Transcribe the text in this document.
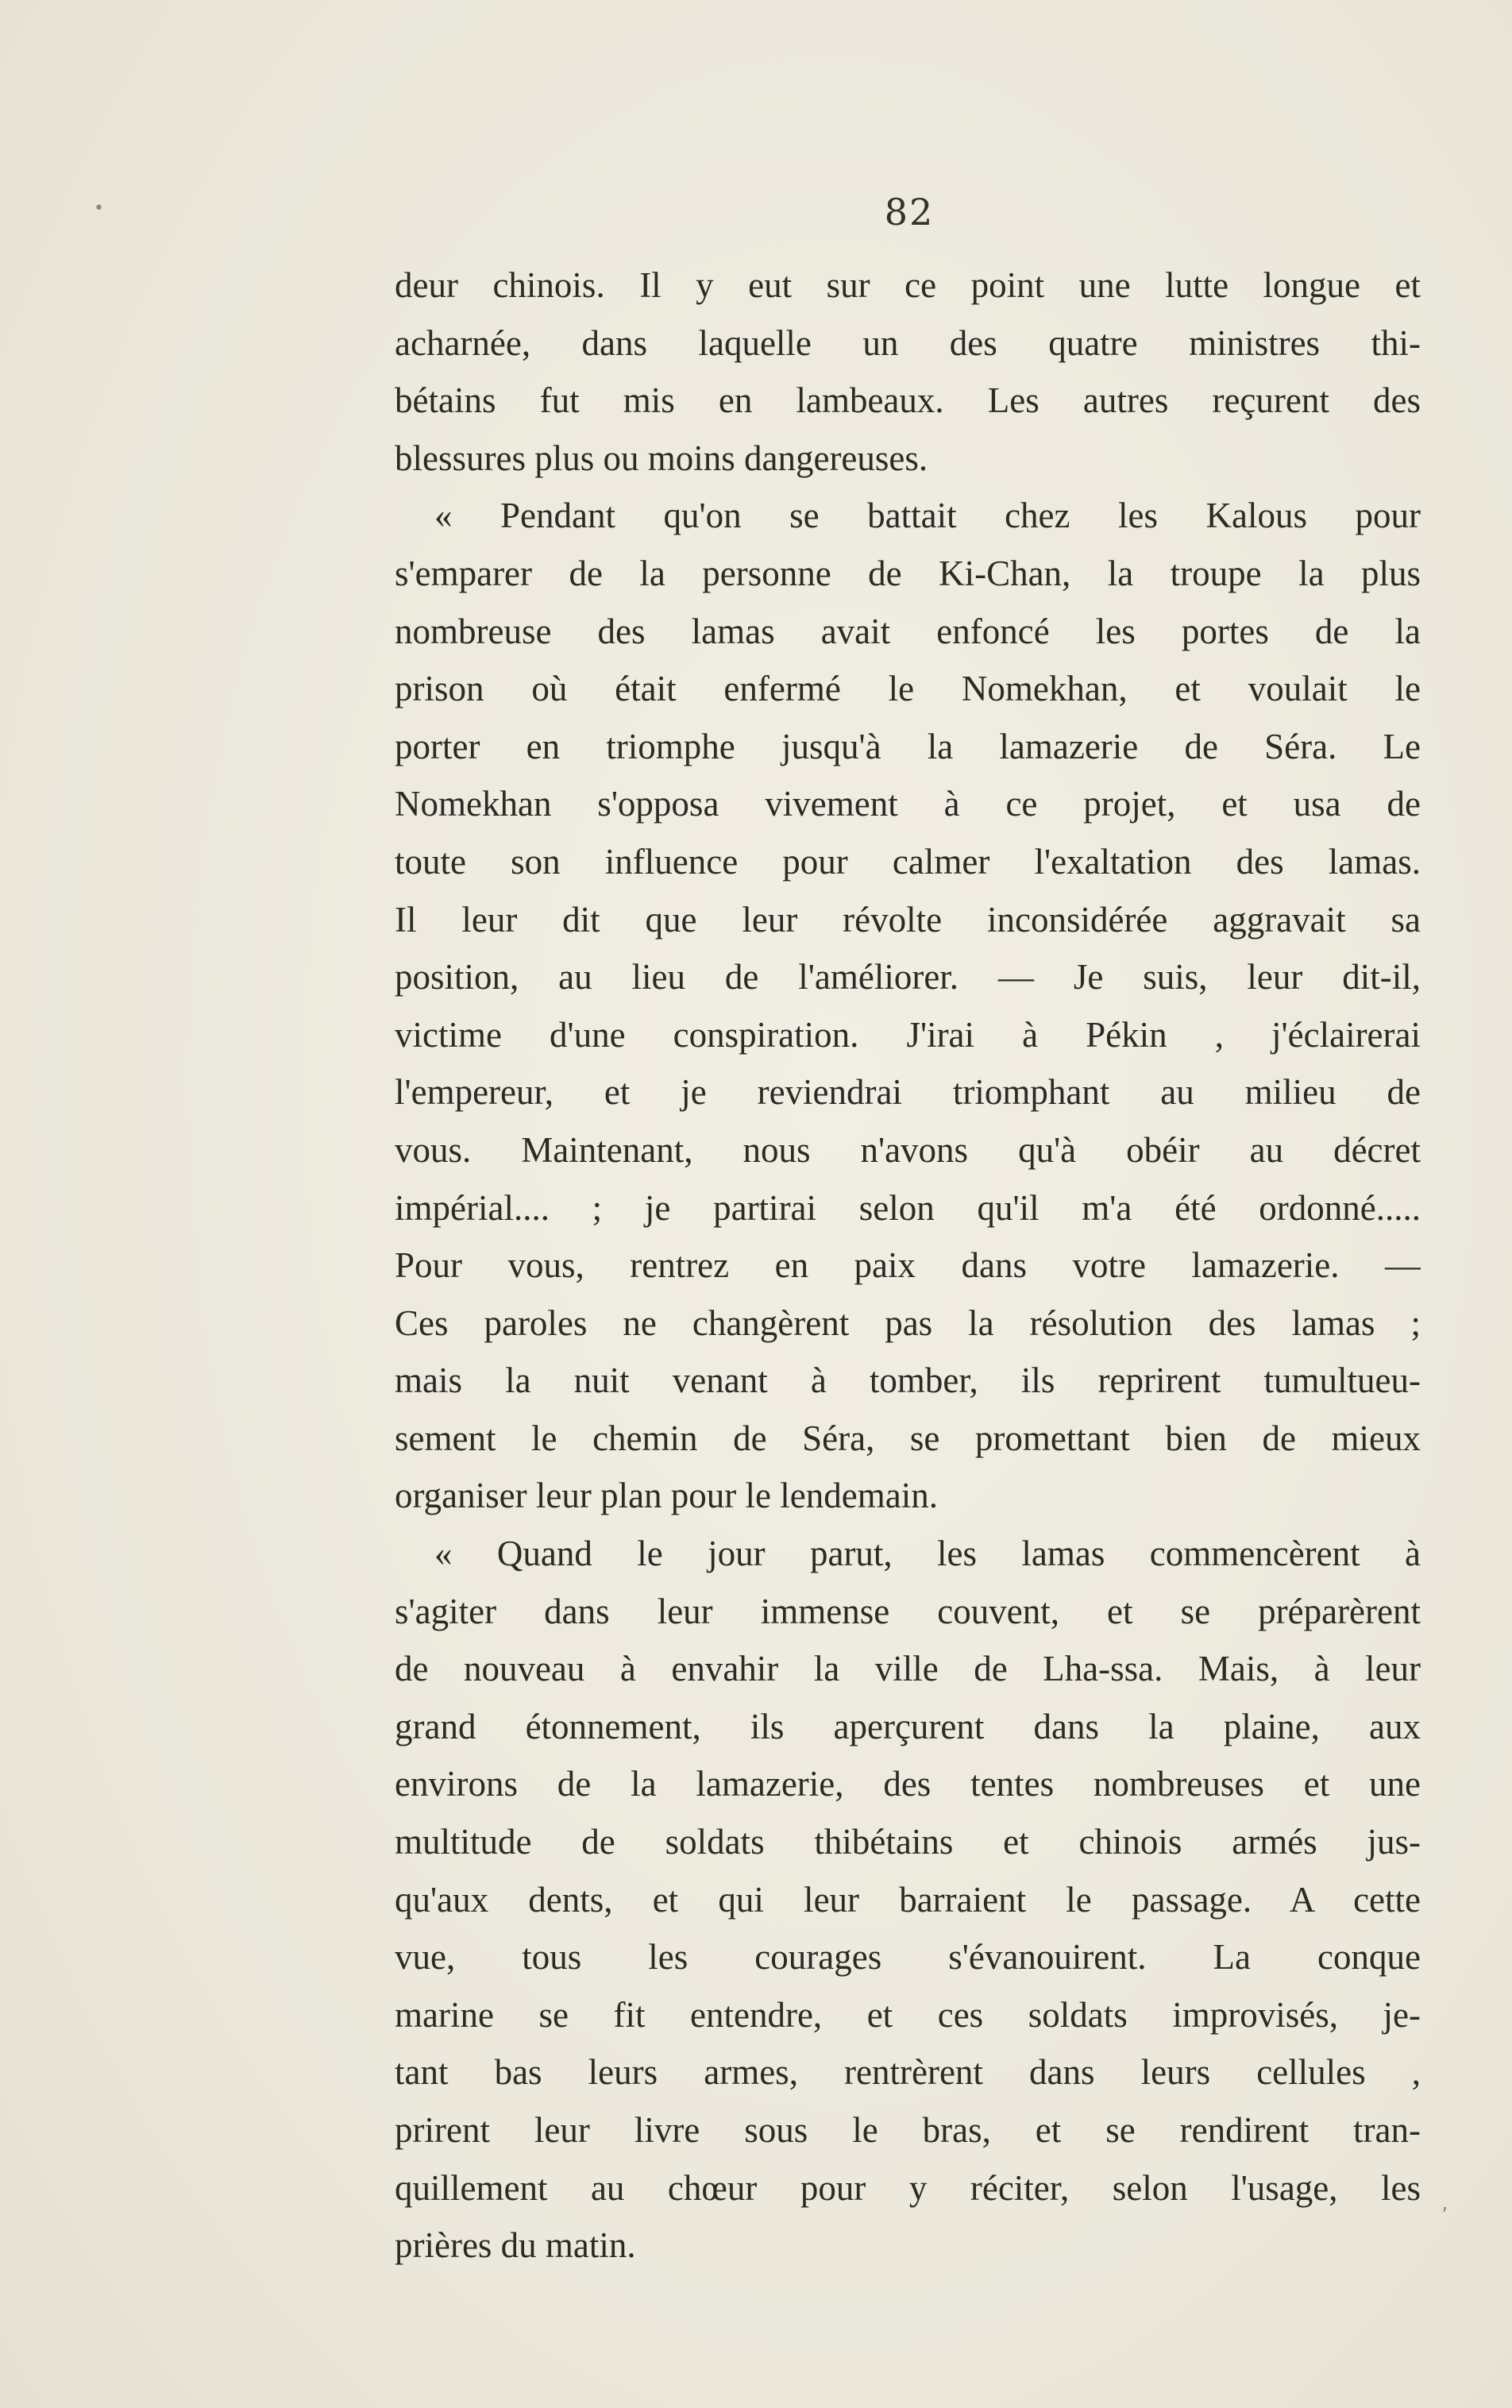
•
ʼ
82
deur chinois. Il y eut sur ce point une lutte longue et
acharnée, dans laquelle un des quatre ministres thi-
bétains fut mis en lambeaux. Les autres reçurent des
blessures plus ou moins dangereuses.
« Pendant qu'on se battait chez les Kalous pour
s'emparer de la personne de Ki-Chan, la troupe la plus
nombreuse des lamas avait enfoncé les portes de la
prison où était enfermé le Nomekhan, et voulait le
porter en triomphe jusqu'à la lamazerie de Séra. Le
Nomekhan s'opposa vivement à ce projet, et usa de
toute son influence pour calmer l'exaltation des lamas.
Il leur dit que leur révolte inconsidérée aggravait sa
position, au lieu de l'améliorer. — Je suis, leur dit-il,
victime d'une conspiration. J'irai à Pékin , j'éclairerai
l'empereur, et je reviendrai triomphant au milieu de
vous. Maintenant, nous n'avons qu'à obéir au décret
impérial.... ; je partirai selon qu'il m'a été ordonné.....
Pour vous, rentrez en paix dans votre lamazerie. —
Ces paroles ne changèrent pas la résolution des lamas ;
mais la nuit venant à tomber, ils reprirent tumultueu-
sement le chemin de Séra, se promettant bien de mieux
organiser leur plan pour le lendemain.
« Quand le jour parut, les lamas commencèrent à
s'agiter dans leur immense couvent, et se préparèrent
de nouveau à envahir la ville de Lha-ssa. Mais, à leur
grand étonnement, ils aperçurent dans la plaine, aux
environs de la lamazerie, des tentes nombreuses et une
multitude de soldats thibétains et chinois armés jus-
qu'aux dents, et qui leur barraient le passage. A cette
vue, tous les courages s'évanouirent. La conque
marine se fit entendre, et ces soldats improvisés, je-
tant bas leurs armes, rentrèrent dans leurs cellules ,
prirent leur livre sous le bras, et se rendirent tran-
quillement au chœur pour y réciter, selon l'usage, les
prières du matin.
